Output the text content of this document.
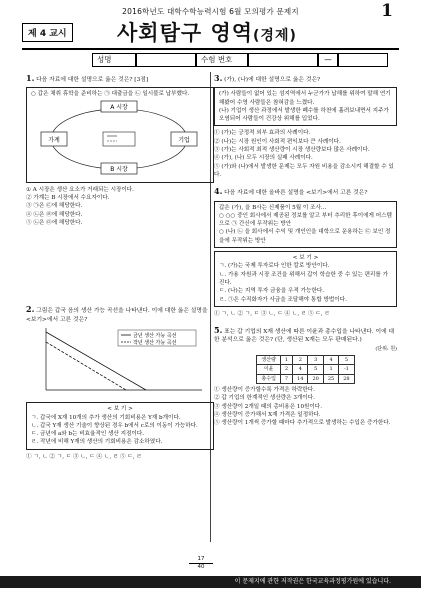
2016학년도 대학수학능력시험 6월 모의평가 문제지	1
제 4 교시 사회탐구 영역(경제)
성명	수험 번호	—
1. 다음 자료에 대한 설명으로 옳은 것은? [3점]
○ 갑은 채취 휴학을 준비하는 ㉠ 대출금을 ㉡ 일시불로 납부했다.
A 시장
B 시장
가계	기업
① A 시장은 생산 요소가 거래되는 시장이다.
② 가계는 B 시장에서 수요자이다.
③ ㉠은 ㉢에 해당한다.
④ ㉡은 ㉣에 해당한다.
⑤ ㉡은 ㉤에 해당한다.
2. 그림은 갑국 음의 생산 가능 곡선을 나타낸다. 이에 대한 옳은 설명을 <보기>에서 고른 것은?
금년 생산 가능 곡선
작년 생산 가능 곡선
< 보 기 >
ㄱ. 갑국에 X재 10개의 추가 생산의 기회비용은 Y재 b개이다.
ㄴ. 갑국 Y재 생산 기술이 향상된 경우 b에서 c로의 이동이 가능하다.
ㄷ. 금년에 a와 b는 비효율적인 생산 지점이다.
ㄹ. 작년에 비해 Y재의 생산의 기회비용은 감소하였다.
① ㄱ, ㄴ ② ㄱ, ㄷ ③ ㄴ, ㄷ ④ ㄴ, ㄹ ⑤ ㄷ, ㄹ
3. (가), (나)에 대한 설명으로 옳은 것은?
(가) 사람들이 없어 있는 섬지역에서 누군가가 납해를 위하여 말해 연기 해봤어 수영 사람들은 참혀감을 느꼈다.
(나) 기업이 생산 과정에서 발생한 폐수를 하천에 흘려보내면서 지주가 오염되어 사람들이 건강상 위해를 입었다.
① (가)는 긍정적 외부 효과의 사례이다.
② (나)는 시장 원인이 사회적 편익보다 큰 사례이다.
③ (가)는 사회적 최적 생산량이 시장 생산량보다 많은 사례이다.
④ (가), (나) 모두 시장의 실패 사례이다.
⑤ (가)와 (나)에서 발생한 문제는 모두 자원 비용을 감소시켜 해결할 수 있다.
4. 다음 자료에 대한 올바른 설명을 <보기>에서 고른 것은?
갑은 (가), 을 B사는 신제품이 5월 이 조사...
○ ○○ 중인 회사에서 제공된 정보를 알고 부터 추리한 후이에게 어스템으로 ㉠ 간신에 무작위는 방안
○ (나) ㉡ 을 회사에서 수익 및 개인인을 대학으로 운용하는 ㉢ 보인 정을에 무작위는 방안
< 보 기 >
ㄱ. (가)는 국제 투자로다 인한 칼로 방안이다.
ㄴ. 가용 자원과 시장 조건을 위해서 갑이 학습한 중 수 있는 편리를 가진다.
ㄷ. (나)는 지역 투자 금융을 우적 가능한다.
ㄹ. ㉠은 수직화자가 사금을 조달해야 통합 방법이다.
① ㄱ, ㄴ ② ㄱ, ㄷ ③ ㄴ, ㄷ ④ ㄴ, ㄹ ⑤ ㄷ, ㄹ
5. 표는 갑 기업의 X재 생산에 따른 이윤과 총수입을 나타낸다. 이에 대한 분석으로 옳은 것은? (단, 생산된 X재는 모두 판매된다.)
(단위: 원)
생산량	1	2	3	4	5
이윤	2	4	5	1	-1
총수입	7	14	20	25	28
① 생산량이 증가할수록 가격은 하락한다.
② 갑 기업의 한계적인 생산량은 3개이다.
③ 생산량이 2개일 때의 총비용은 10원이다.
④ 생산량이 증가해서 X재 가격은 일정하다.
⑤ 생산량이 1개씩 증가할 때마다 추가적으로 발생하는 수입은 증가한다.
17
40
이 문제지에 관한 저작권은 한국교육과정평가원에 있습니다.
